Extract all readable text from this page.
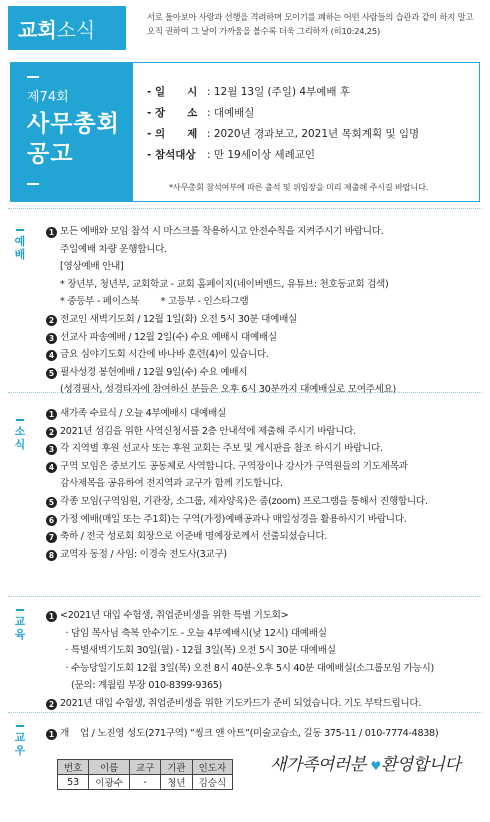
교회 소식
서로 돌아보아 사랑과 선행을 격려하며 모이기를 폐하는 어떤 사람들의 습관과 같이 하지 말고 오직 권하여 그 날이 가까움을 볼수록 더욱 그리하자 (히10:24,25)
제74회
사무총회
공고
- 일      시 : 12월 13일 (주일) 4부예배 후
- 장      소 : 대예배실
- 의      제 : 2020년 경과보고, 2021년 목회계획 및 임명
- 참석대상	: 만 19세이상 세례교인
*사무총회 참석여부에 따른 출석 및 위임장을 미리 제출해 주시길 바랍니다.
예
배
1 모든 예배와 모임 참석 시 마스크를 착용하시고 안전수칙을 지켜주시기 바랍니다.
주일예배 차량 운행합니다.
[영상예배 안내]
* 장년부, 청년부, 교회학교 - 교회 홈페이지(네이버밴드, 유튜브: 천호동교회 검색)
* 중등부 - 페이스북        * 고등부 - 인스타그램
2 전교인 새벽기도회 / 12월 1일(화) 오전 5시 30분 대예배실
3 선교사 파송예배 / 12월 2일(수) 수요 예배시 대예배실
4 금요 심야기도회 시간에 바나바 훈련(4)이 있습니다.
5 필사성경 봉헌예배 / 12월 9일(수) 수요 예배시
(성경필사, 성경타자에 참여하신 분들은 오후 6시 30분까지 대예배실로 모여주세요)
소
식
1 새가족 수료식 / 오늘 4부예배시 대예배실
2 2021년 섬김을 위한 사역신청서를 2층 안내석에 제출해 주시기 바랍니다.
3 각 지역별 후원 선교사 또는 후원 교회는 주보 및 게시판을 참조 하시기 바랍니다.
4 구역 모임은 중보기도 공동체로 사역합니다. 구역장이나 강사가 구역원들의 기도제목과
감사제목을 공유하여 전지역과 교구가 함께 기도합니다.
5 각종 모임(구역임원, 기관장, 소그룹, 제자양육)은 줌(zoom) 프로그램을 통해서 진행합니다.
6 가정 예배(매일 또는 주1회)는 구역(가정)예배공과나 매일성경을 활용하시기 바랍니다.
7 축하 / 전국 성로회 회장으로 이준배 명예장로께서 선출되셨습니다.
8 교역자 동정 / 사임: 이경숙 전도사(3교구)
교
육
1 <2021년 대입 수험생, 취업준비생을 위한 특별 기도회>
· 담임 목사님 축복 안수기도 - 오늘 4부예배시(낮 12시) 대예배실
· 특별새벽기도회 30일(월) - 12월 3일(목) 오전 5시 30분 대예배실
· 수능당일기도회 12월 3일(목) 오전 8시 40분-오후 5시 40분 대예배실(소그룹모임 가능시)
(문의: 계월림 부장 010-8399-9365)
2 2021년 대입 수험생, 취업준비생을 위한 기도카드가 준비 되었습니다. 기도 부탁드립니다.
교
우
1 개    업 / 노진영 성도(271구역) “씽크 앤 아트”(미술교습소, 길동 375-11 / 010-7774-4838)
번호	이름	교구	기관	인도자
53	이광수	-	청년	김승식
새가족여러분 ♥환영합니다
